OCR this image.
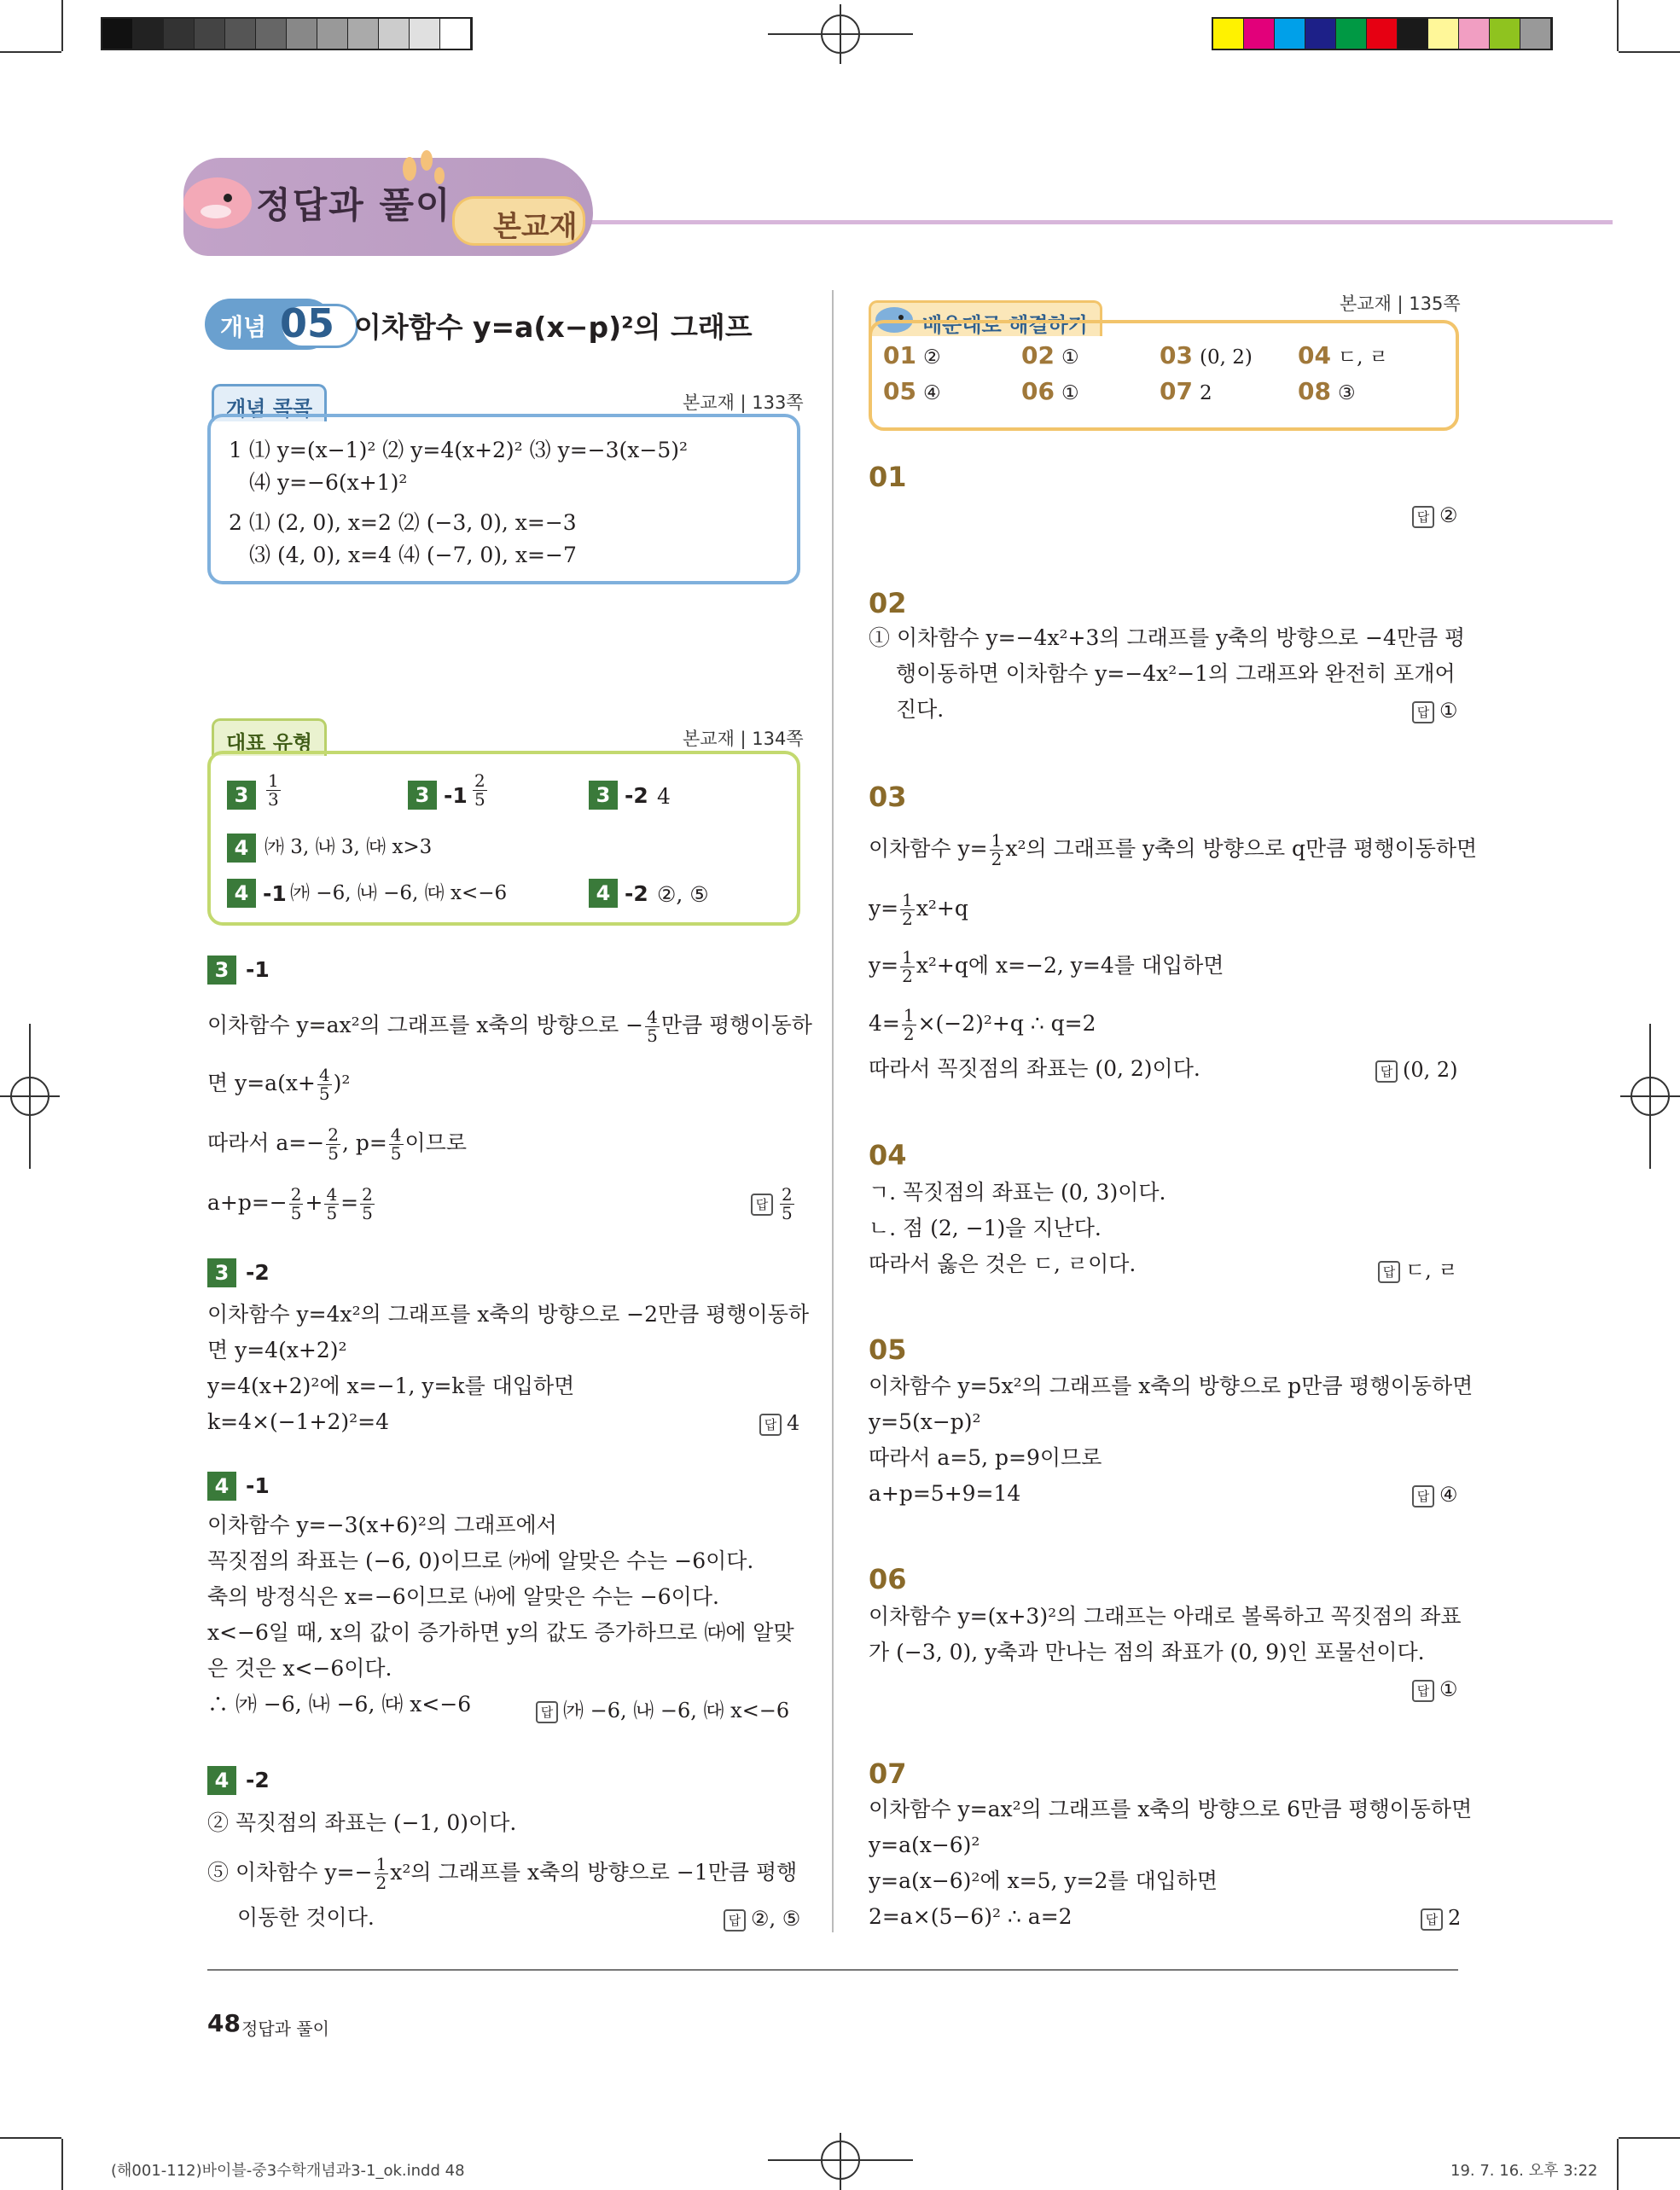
정답과 풀이
본교재
개념 05 이차함수 y=a(x−p)²의 그래프
개념 콕콕	본교재 | 133쪽
1 ⑴ y=(x−1)² ⑵ y=4(x+2)² ⑶ y=−3(x−5)²
⑷ y=−6(x+1)²
2 ⑴ (2, 0), x=2 ⑵ (−3, 0), x=−3
⑶ (4, 0), x=4 ⑷ (−7, 0), x=−7
대표 유형	본교재 | 134쪽
3	$\frac{1}{3}$	3 $-1 \frac{2}{5}$	3 -2 4
4 ㈎ 3, ㈏ 3, ㈐ x>3
4 -1 ㈎ −6, ㈏ −6, ㈐ x<−6	4 -2 ②, ⑤
3 -1
이차함수 y=ax²의 그래프를 x축의 방향으로 − $\frac{4}{5}$ 만큼 평행이동하
면 $y=a(x+ \frac{4}{5} )^2$
따라서 $a=- \frac{2}{5}$ , $p= \frac{4}{5}$ 이므로
$a+p=- \frac{2}{5} + \frac{4}{5} = \frac{2}{5}$	답 $\frac{2}{5}$
3 -2
이차함수 y=4x²의 그래프를 x축의 방향으로 −2만큼 평행이동하
면 y=4(x+2)²
y=4(x+2)²에 x=−1, y=k를 대입하면
k=4×(−1+2)²=4	답 4
4 -1
이차함수 y=−3(x+6)²의 그래프에서
꼭짓점의 좌표는 (−6, 0)이므로 ㈎에 알맞은 수는 −6이다.
축의 방정식은 x=−6이므로 ㈏에 알맞은 수는 −6이다.
x<−6일 때, x의 값이 증가하면 y의 값도 증가하므로 ㈐에 알맞
은 것은 x<−6이다.
∴ ㈎ −6, ㈏ −6, ㈐ x<−6	답 ㈎ −6, ㈏ −6, ㈐ x<−6
4 -2
② 꼭짓점의 좌표는 (−1, 0)이다.
⑤ 이차함수 $y=- \frac{1}{2} x^2$의 그래프를 x축의 방향으로 −1만큼 평행
이동한 것이다.	답 ②, ⑤
배운대로 해결하기
본교재 | 135쪽
01 ②	02 ①	03 (0, 2) 04 ㄷ, ㄹ
05 ④	06 ①	07 2	08 ③
01
답 ②
02
① 이차함수 y=−4x²+3의 그래프를 y축의 방향으로 −4만큼 평
행이동하면 이차함수 y=−4x²−1의 그래프와 완전히 포개어
진다.	답 ①
03
이차함수 $y= \frac{1}{2} x^2$의 그래프를 y축의 방향으로 q만큼 평행이동하면
$y= \frac{1}{2} x^2+q$
$y= \frac{1}{2} x^2+q$에 x=−2, y=4를 대입하면
$4= \frac{1}{2} \times(-2)^2+q$ ∴ q=2
따라서 꼭짓점의 좌표는 (0, 2)이다.	답 (0, 2)
04
ㄱ. 꼭짓점의 좌표는 (0, 3)이다.
ㄴ. 점 (2, −1)을 지난다.
따라서 옳은 것은 ㄷ, ㄹ이다.	답 ㄷ, ㄹ
05
이차함수 y=5x²의 그래프를 x축의 방향으로 p만큼 평행이동하면
y=5(x−p)²
따라서 a=5, p=9이므로
a+p=5+9=14	답 ④
06
이차함수 y=(x+3)²의 그래프는 아래로 볼록하고 꼭짓점의 좌표
가 (−3, 0), y축과 만나는 점의 좌표가 (0, 9)인 포물선이다.
답 ①
07
이차함수 y=ax²의 그래프를 x축의 방향으로 6만큼 평행이동하면
y=a(x−6)²
y=a(x−6)²에 x=5, y=2를 대입하면
2=a×(5−6)² ∴ a=2	답 2
48 정답과 풀이
(해001-112)바이블-중3수학개념과3-1_ok.indd 48	19. 7. 16. 오후 3:22
